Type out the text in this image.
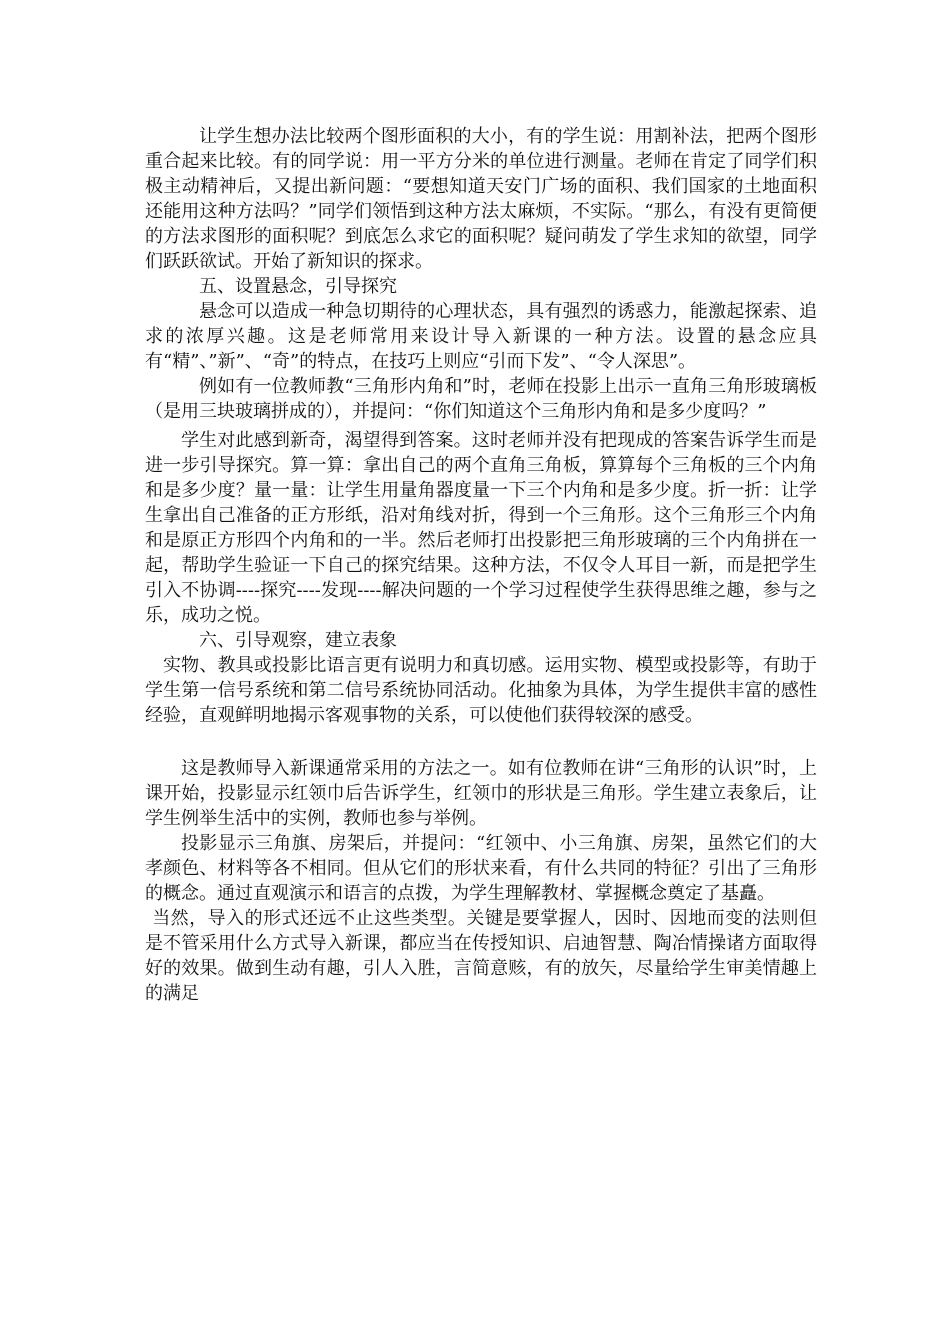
让学生想办法比较两个图形面积的大小，有的学生说：用割补法，把两个图形重合起来比较。有的同学说：用一平方分米的单位进行测量。老师在肯定了同学们积极主动精神后，又提出新问题：“要想知道天安门广场的面积、我们国家的土地面积还能用这种方法吗？”同学们领悟到这种方法太麻烦，不实际。“那么，有没有更简便的方法求图形的面积呢？到底怎么求它的面积呢？疑问萌发了学生求知的欲望，同学们跃跃欲试。开始了新知识的探求。

五、设置悬念，引导探究

悬念可以造成一种急切期待的心理状态，具有强烈的诱惑力，能激起探索、追求的浓厚兴趣。这是老师常用来设计导入新课的一种方法。设置的悬念应具有“精”、”新”、“奇”的特点，在技巧上则应“引而下发”、“令人深思”。

例如有一位教师教“三角形内角和”时，老师在投影上出示一直角三角形玻璃板（是用三块玻璃拼成的），并提问：“你们知道这个三角形内角和是多少度吗？”

学生对此感到新奇，渴望得到答案。这时老师并没有把现成的答案告诉学生而是进一步引导探究。算一算：拿出自己的两个直角三角板，算算每个三角板的三个内角和是多少度？量一量：让学生用量角器度量一下三个内角和是多少度。折一折：让学生拿出自己准备的正方形纸，沿对角线对折，得到一个三角形。这个三角形三个内角和是原正方形四个内角和的一半。然后老师打出投影把三角形玻璃的三个内角拼在一起，帮助学生验证一下自己的探究结果。这种方法，不仅令人耳目一新，而是把学生引入不协调----探究----发现----解决问题的一个学习过程使学生获得思维之趣，参与之乐，成功之悦。

六、引导观察，建立表象

实物、教具或投影比语言更有说明力和真切感。运用实物、模型或投影等，有助于学生第一信号系统和第二信号系统协同活动。化抽象为具体，为学生提供丰富的感性经验，直观鲜明地揭示客观事物的关系，可以使他们获得较深的感受。

这是教师导入新课通常采用的方法之一。如有位教师在讲“三角形的认识”时，上课开始，投影显示红领巾后告诉学生，红领巾的形状是三角形。学生建立表象后，让学生例举生活中的实例，教师也参与举例。

投影显示三角旗、房架后，并提问：“红领中、小三角旗、房架，虽然它们的大孝颜色、材料等各不相同。但从它们的形状来看，有什么共同的特征？引出了三角形的概念。通过直观演示和语言的点拨，为学生理解教材、掌握概念奠定了基矗。

当然，导入的形式还远不止这些类型。关键是要掌握人，因时、因地而变的法则但是不管采用什么方式导入新课，都应当在传授知识、启迪智慧、陶冶情操诸方面取得好的效果。做到生动有趣，引人入胜，言简意赅，有的放矢，尽量给学生审美情趣上的满足
